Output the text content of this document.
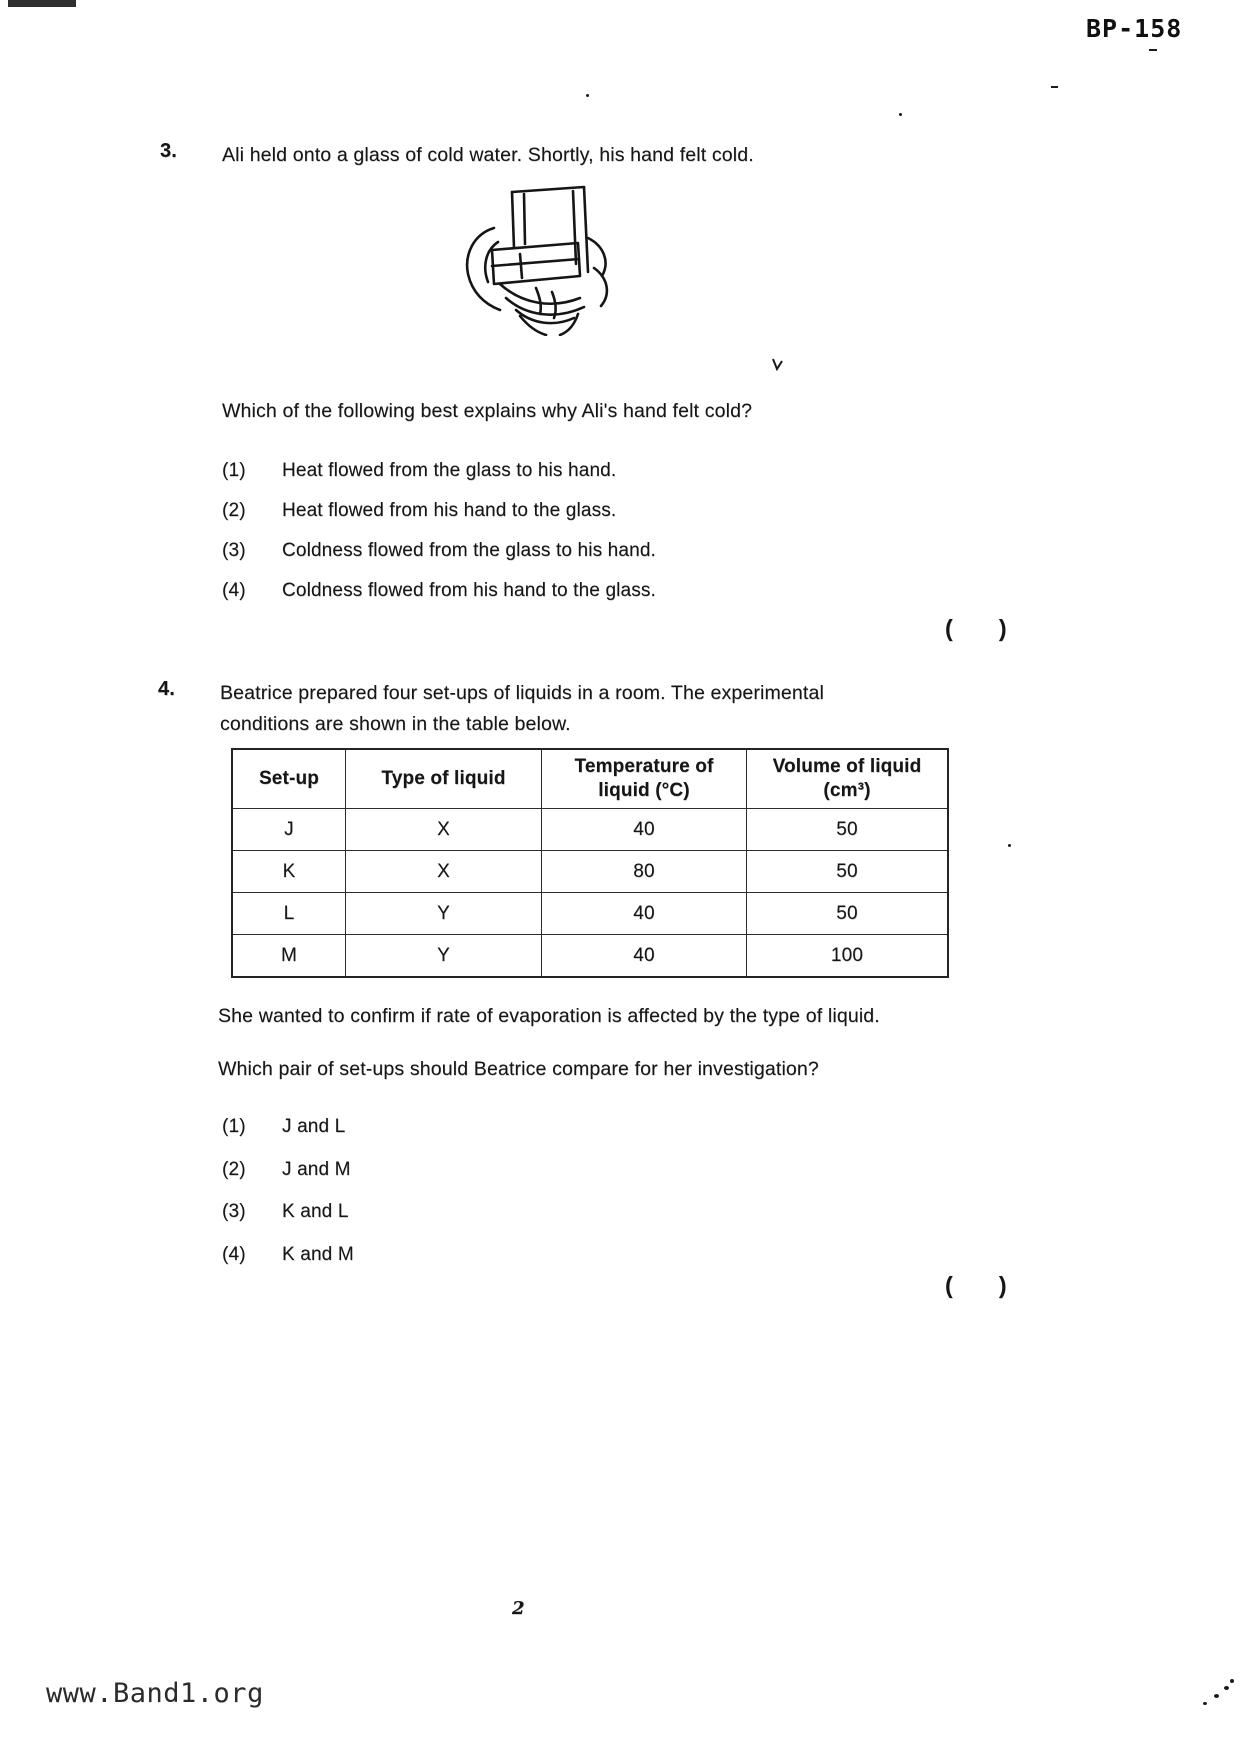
BP-158
3.	Ali held onto a glass of cold water. Shortly, his hand felt cold.
Which of the following best explains why Ali's hand felt cold?
(1)	Heat flowed from the glass to his hand.
(2)	Heat flowed from his hand to the glass.
(3)	Coldness flowed from the glass to his hand.
(4)	Coldness flowed from his hand to the glass.
( )
4.	Beatrice prepared four set-ups of liquids in a room. The experimental conditions are shown in the table below.
Set-up	Type of liquid	Temperature of liquid (°C)	Volume of liquid (cm³)
J	X	40	50
K	X	80	50
L	Y	40	50
M	Y	40	100
She wanted to confirm if rate of evaporation is affected by the type of liquid.
Which pair of set-ups should Beatrice compare for her investigation?
(1)	J and L
(2)	J and M
(3)	K and L
(4)	K and M
( )
2
www.Band1.org
